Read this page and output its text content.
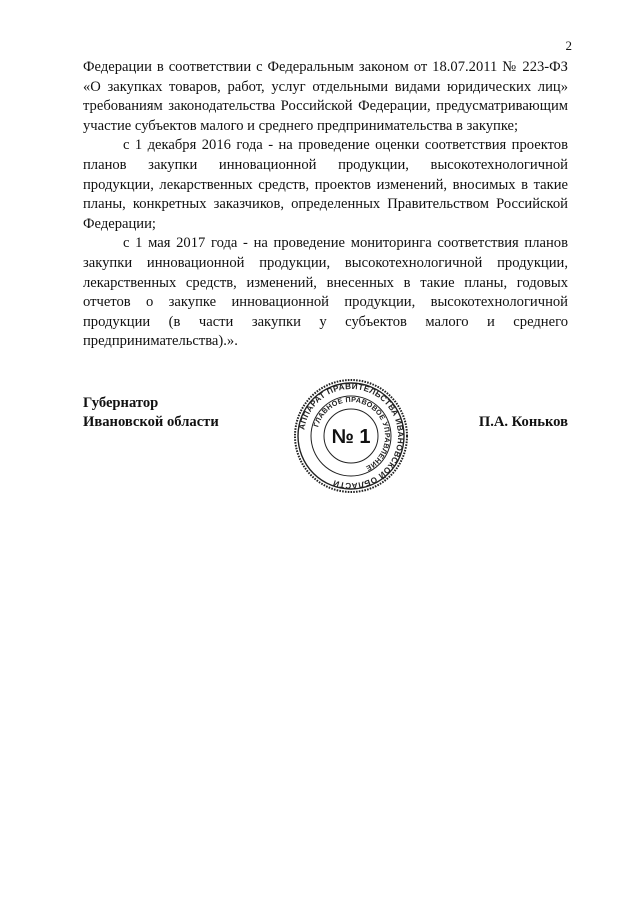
2

Федерации в соответствии с Федеральным законом от 18.07.2011 № 223-ФЗ «О закупках товаров, работ, услуг отдельными видами юридических лиц» требованиям законодательства Российской Федерации, предусматривающим участие субъектов малого и среднего предпринимательства в закупке;

с 1 декабря 2016 года - на проведение оценки соответствия проектов планов закупки инновационной продукции, высокотехнологичной продукции, лекарственных средств, проектов изменений, вносимых в такие планы, конкретных заказчиков, определенных Правительством Российской Федерации;

с 1 мая 2017 года - на проведение мониторинга соответствия планов закупки инновационной продукции, высокотехнологичной продукции, лекарственных средств, изменений, внесенных в такие планы, годовых отчетов о закупке инновационной продукции, высокотехнологичной продукции (в части закупки у субъектов малого и среднего предпринимательства).».

Губернатор
Ивановской области	АППАРАТ ПРАВИТЕЛЬСТВА ИВАНОВСКОЙ ОБЛАСТИ
ГЛАВНОЕ ПРАВОВОЕ УПРАВЛЕНИЕ
№ 1
П.А. Коньков
